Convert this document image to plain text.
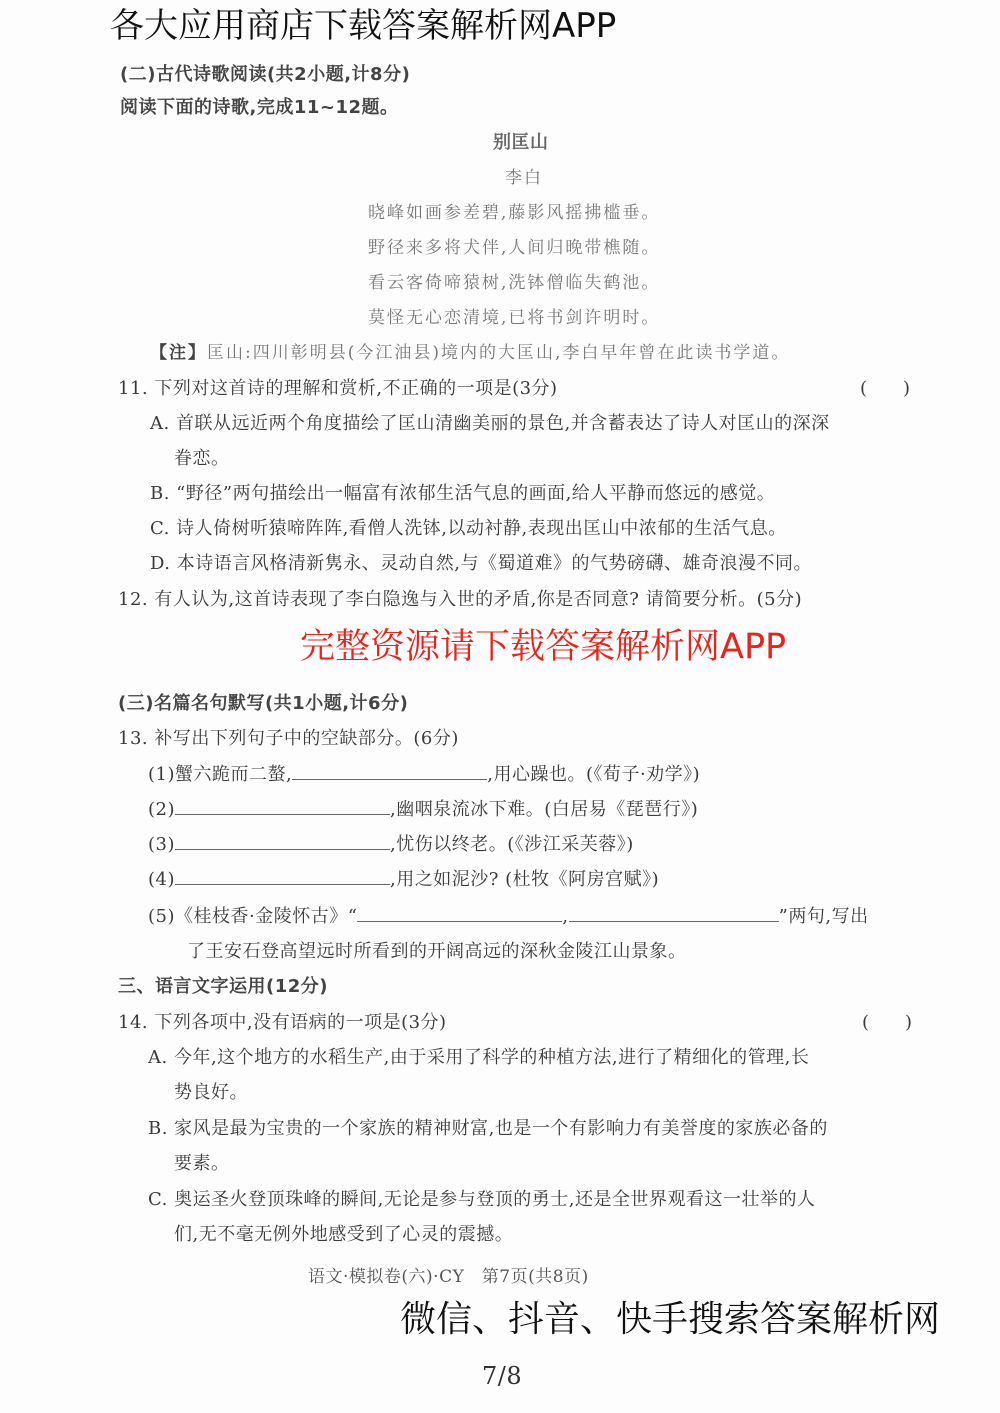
(二)古代诗歌阅读(共2小题,计8分)
阅读下面的诗歌,完成11~12题。
别匡山
李白
晓峰如画参差碧,藤影风摇拂槛垂。
野径来多将犬伴,人间归晚带樵随。
看云客倚啼猿树,洗钵僧临失鹤池。
莫怪无心恋清境,已将书剑许明时。
【注】匡山:四川彰明县(今江油县)境内的大匡山,李白早年曾在此读书学道。
11. 下列对这首诗的理解和赏析,不正确的一项是(3分)	(　　)
A. 首联从远近两个角度描绘了匡山清幽美丽的景色,并含蓄表达了诗人对匡山的深深
眷恋。
B. “野径”两句描绘出一幅富有浓郁生活气息的画面,给人平静而悠远的感觉。
C. 诗人倚树听猿啼阵阵,看僧人洗钵,以动衬静,表现出匡山中浓郁的生活气息。
D. 本诗语言风格清新隽永、灵动自然,与《蜀道难》的气势磅礴、雄奇浪漫不同。
12. 有人认为,这首诗表现了李白隐逸与入世的矛盾,你是否同意? 请简要分析。(5分)
(三)名篇名句默写(共1小题,计6分)
13. 补写出下列句子中的空缺部分。(6分)
(1)蟹六跪而二螯,	,用心躁也。(《荀子·劝学》)
(2)	,幽咽泉流冰下难。(白居易《琵琶行》)
(3)	,忧伤以终老。(《涉江采芙蓉》)
(4)	,用之如泥沙? (杜牧《阿房宫赋》)
(5)《桂枝香·金陵怀古》“	,	”两句,写出
了王安石登高望远时所看到的开阔高远的深秋金陵江山景象。
三、语言文字运用(12分)
14. 下列各项中,没有语病的一项是(3分)	(　　)
A. 今年,这个地方的水稻生产,由于采用了科学的种植方法,进行了精细化的管理,长
势良好。
B. 家风是最为宝贵的一个家族的精神财富,也是一个有影响力有美誉度的家族必备的
要素。
C. 奥运圣火登顶珠峰的瞬间,无论是参与登顶的勇士,还是全世界观看这一壮举的人
们,无不毫无例外地感受到了心灵的震撼。
语文·模拟卷(六)·CY　第7页(共8页)
7/8
各大应用商店下载答案解析网APP
完整资源请下载答案解析网APP
微信、抖音、快手搜索答案解析网
